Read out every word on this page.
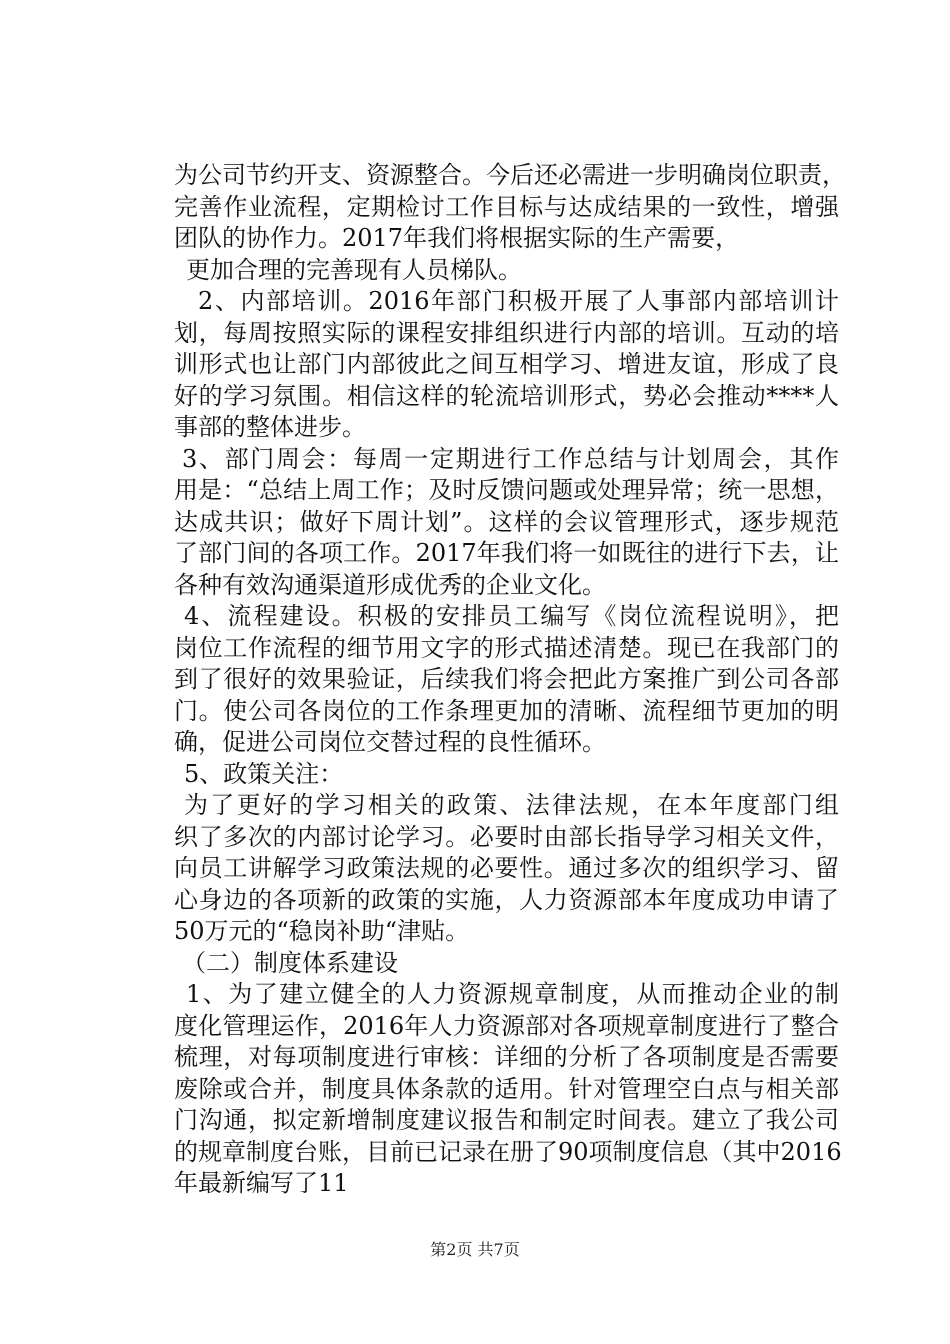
为公司节约开支、资源整合。今后还必需进一步明确岗位职责，
完善作业流程，定期检讨工作目标与达成结果的一致性，增强
团队的协作力。2017年我们将根据实际的生产需要，
更加合理的完善现有人员梯队。
2、内部培训。2016年部门积极开展了人事部内部培训计
划，每周按照实际的课程安排组织进行内部的培训。互动的培
训形式也让部门内部彼此之间互相学习、增进友谊，形成了良
好的学习氛围。相信这样的轮流培训形式，势必会推动****人
事部的整体进步。
3、部门周会：每周一定期进行工作总结与计划周会，其作
用是：“总结上周工作；及时反馈问题或处理异常；统一思想，
达成共识；做好下周计划”。这样的会议管理形式，逐步规范
了部门间的各项工作。2017年我们将一如既往的进行下去，让
各种有效沟通渠道形成优秀的企业文化。
4、流程建设。积极的安排员工编写《岗位流程说明》，把
岗位工作流程的细节用文字的形式描述清楚。现已在我部门的
到了很好的效果验证，后续我们将会把此方案推广到公司各部
门。使公司各岗位的工作条理更加的清晰、流程细节更加的明
确，促进公司岗位交替过程的良性循环。
5、政策关注：
为了更好的学习相关的政策、法律法规，在本年度部门组
织了多次的内部讨论学习。必要时由部长指导学习相关文件，
向员工讲解学习政策法规的必要性。通过多次的组织学习、留
心身边的各项新的政策的实施，人力资源部本年度成功申请了
50万元的“稳岗补助“津贴。
（二）制度体系建设
1、为了建立健全的人力资源规章制度，从而推动企业的制
度化管理运作，2016年人力资源部对各项规章制度进行了整合
梳理，对每项制度进行审核：详细的分析了各项制度是否需要
废除或合并，制度具体条款的适用。针对管理空白点与相关部
门沟通，拟定新增制度建议报告和制定时间表。建立了我公司
的规章制度台账，目前已记录在册了90项制度信息（其中2016
年最新编写了11
第2页 共7页
